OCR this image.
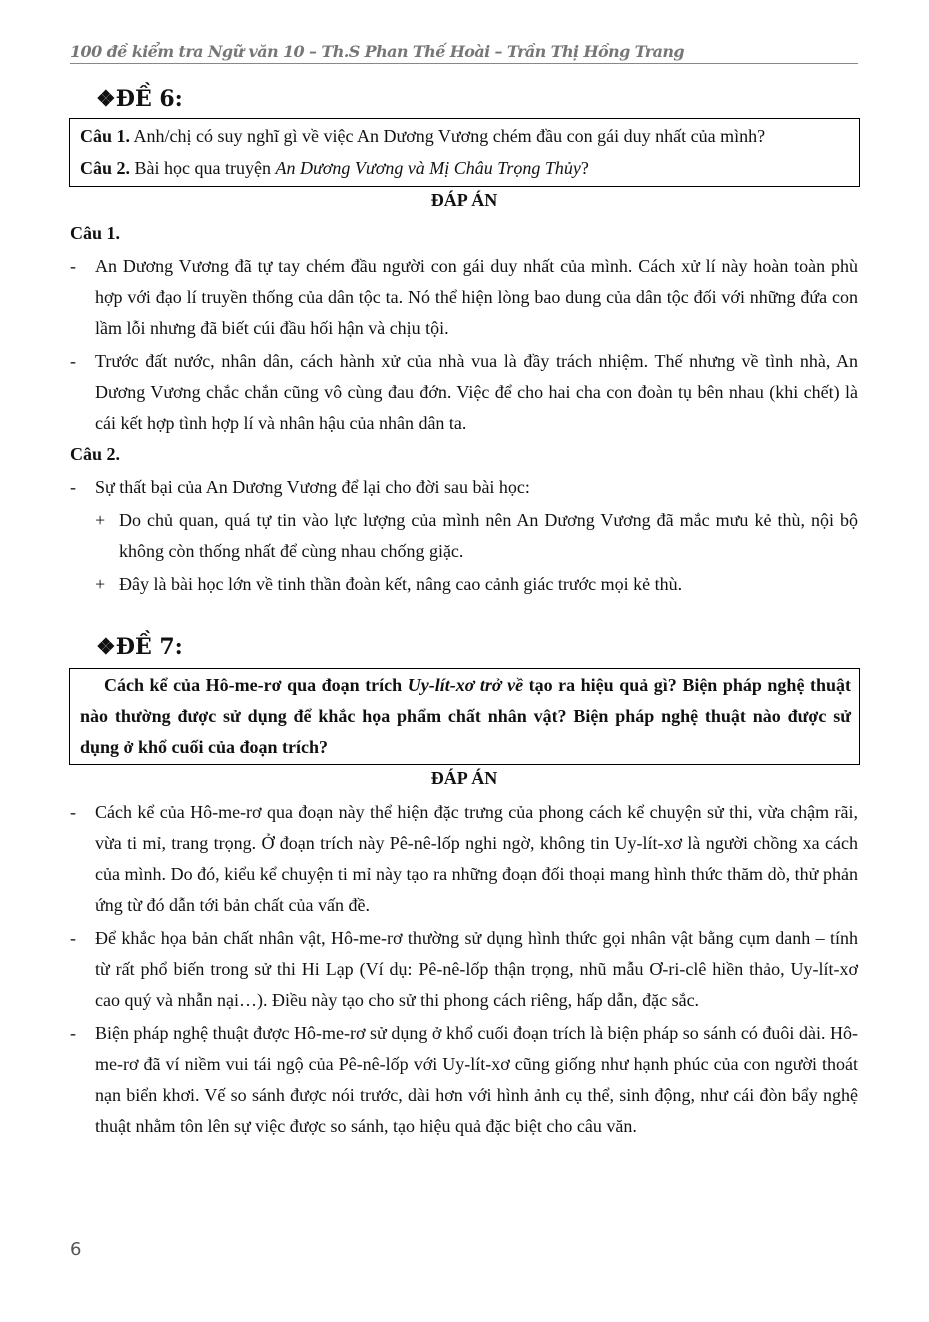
100 đề kiểm tra Ngữ văn 10 – Th.S Phan Thế Hoài – Trần Thị Hồng Trang
❖ĐỀ 6:
Câu 1. Anh/chị có suy nghĩ gì về việc An Dương Vương chém đầu con gái duy nhất của mình?
Câu 2. Bài học qua truyện An Dương Vương và Mị Châu Trọng Thủy?
ĐÁP ÁN
Câu 1.
- An Dương Vương đã tự tay chém đầu người con gái duy nhất của mình. Cách xử lí này hoàn toàn phù hợp với đạo lí truyền thống của dân tộc ta. Nó thể hiện lòng bao dung của dân tộc đối với những đứa con lầm lỗi nhưng đã biết cúi đầu hối hận và chịu tội.
- Trước đất nước, nhân dân, cách hành xử của nhà vua là đầy trách nhiệm. Thế nhưng về tình nhà, An Dương Vương chắc chắn cũng vô cùng đau đớn. Việc để cho hai cha con đoàn tụ bên nhau (khi chết) là cái kết hợp tình hợp lí và nhân hậu của nhân dân ta.
Câu 2.
- Sự thất bại của An Dương Vương để lại cho đời sau bài học:
+ Do chủ quan, quá tự tin vào lực lượng của mình nên An Dương Vương đã mắc mưu kẻ thù, nội bộ không còn thống nhất để cùng nhau chống giặc.
+ Đây là bài học lớn về tinh thần đoàn kết, nâng cao cảnh giác trước mọi kẻ thù.
❖ĐỀ 7:
Cách kể của Hô-me-rơ qua đoạn trích Uy-lít-xơ trở về tạo ra hiệu quả gì? Biện pháp nghệ thuật nào thường được sử dụng để khắc họa phẩm chất nhân vật? Biện pháp nghệ thuật nào được sử dụng ở khổ cuối của đoạn trích?
ĐÁP ÁN
- Cách kể của Hô-me-rơ qua đoạn này thể hiện đặc trưng của phong cách kể chuyện sử thi, vừa chậm rãi, vừa ti mỉ, trang trọng. Ở đoạn trích này Pê-nê-lốp nghi ngờ, không tin Uy-lít-xơ là người chồng xa cách của mình. Do đó, kiểu kể chuyện ti mỉ này tạo ra những đoạn đối thoại mang hình thức thăm dò, thử phản ứng từ đó dẫn tới bản chất của vấn đề.
- Để khắc họa bản chất nhân vật, Hô-me-rơ thường sử dụng hình thức gọi nhân vật bằng cụm danh – tính từ rất phổ biến trong sử thi Hi Lạp (Ví dụ: Pê-nê-lốp thận trọng, nhũ mẫu Ơ-ri-clê hiền thảo, Uy-lít-xơ cao quý và nhẫn nại…). Điều này tạo cho sử thi phong cách riêng, hấp dẫn, đặc sắc.
- Biện pháp nghệ thuật được Hô-me-rơ sử dụng ở khổ cuối đoạn trích là biện pháp so sánh có đuôi dài. Hô-me-rơ đã ví niềm vui tái ngộ của Pê-nê-lốp với Uy-lít-xơ cũng giống như hạnh phúc của con người thoát nạn biển khơi. Vế so sánh được nói trước, dài hơn với hình ảnh cụ thể, sinh động, như cái đòn bẩy nghệ thuật nhằm tôn lên sự việc được so sánh, tạo hiệu quả đặc biệt cho câu văn.
6
